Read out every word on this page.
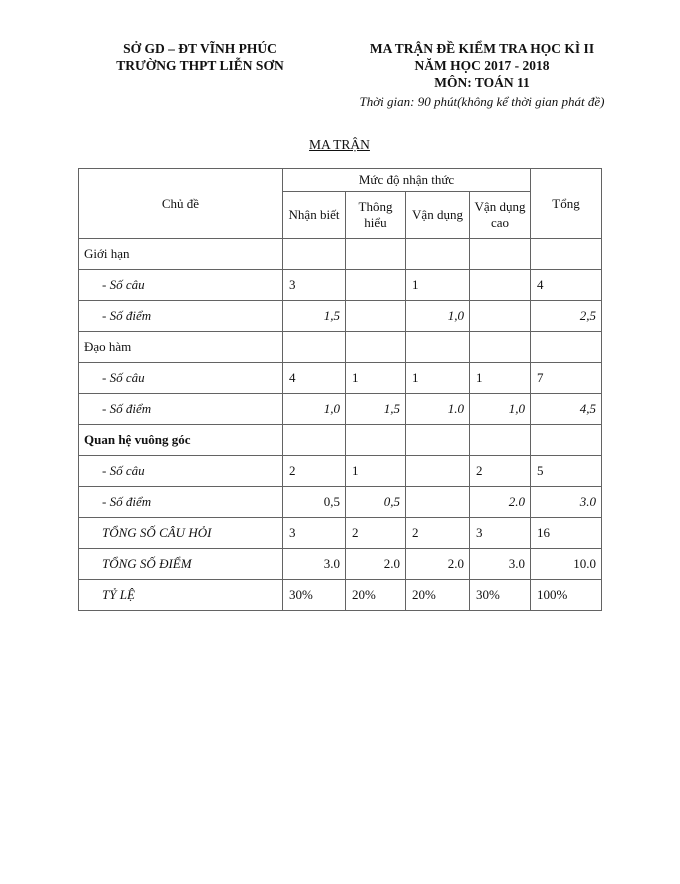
SỞ GD – ĐT VĨNH PHÚC
TRƯỜNG THPT LIỄN SƠN
MA TRẬN ĐỀ KIỂM TRA HỌC KÌ II
NĂM HỌC 2017 - 2018
MÔN: TOÁN 11
Thời gian: 90 phút(không kể thời gian phát đề)
MA TRẬN
Chủ đề	Mức độ nhận thức				Tổng
	Nhận biết	Thông hiểu	Vận dụng	Vận dụng cao	
Giới hạn					
- Số câu	3		1		4
- Số điểm	1,5		1,0		2,5
Đạo hàm					
- Số câu	4	1	1	1	7
- Số điểm	1,0	1,5	1.0	1,0	4,5
Quan hệ vuông góc					
- Số câu	2	1		2	5
- Số điểm	0,5	0,5		2.0	3.0
TỔNG SỐ CÂU HỎI	3	2	2	3	16
TỔNG SỐ ĐIỂM	3.0	2.0	2.0	3.0	10.0
TỶ LỆ	30%	20%	20%	30%	100%
